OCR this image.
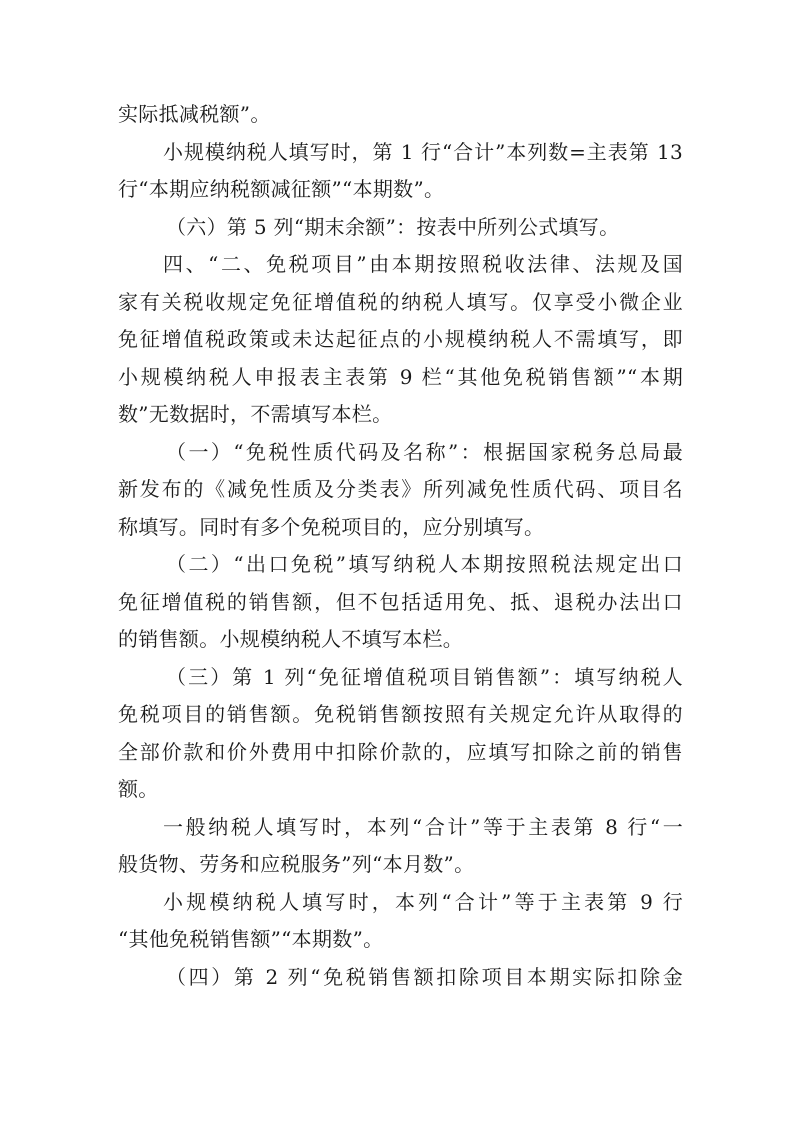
实际抵减税额”。
小规模纳税人填写时，第 1 行“合计”本列数=主表第 13
行“本期应纳税额减征额”“本期数”。
（六）第 5 列“期末余额”：按表中所列公式填写。
四、“二、免税项目”由本期按照税收法律、法规及国
家有关税收规定免征增值税的纳税人填写。仅享受小微企业
免征增值税政策或未达起征点的小规模纳税人不需填写，即
小规模纳税人申报表主表第 9 栏“其他免税销售额”“本期
数”无数据时，不需填写本栏。
（一）“免税性质代码及名称”：根据国家税务总局最
新发布的《减免性质及分类表》所列减免性质代码、项目名
称填写。同时有多个免税项目的，应分别填写。
（二）“出口免税”填写纳税人本期按照税法规定出口
免征增值税的销售额，但不包括适用免、抵、退税办法出口
的销售额。小规模纳税人不填写本栏。
（三）第 1 列“免征增值税项目销售额”：填写纳税人
免税项目的销售额。免税销售额按照有关规定允许从取得的
全部价款和价外费用中扣除价款的，应填写扣除之前的销售
额。
一般纳税人填写时，本列“合计”等于主表第 8 行“一
般货物、劳务和应税服务”列“本月数”。
小规模纳税人填写时，本列“合计”等于主表第 9 行
“其他免税销售额”“本期数”。
（四）第 2 列“免税销售额扣除项目本期实际扣除金
